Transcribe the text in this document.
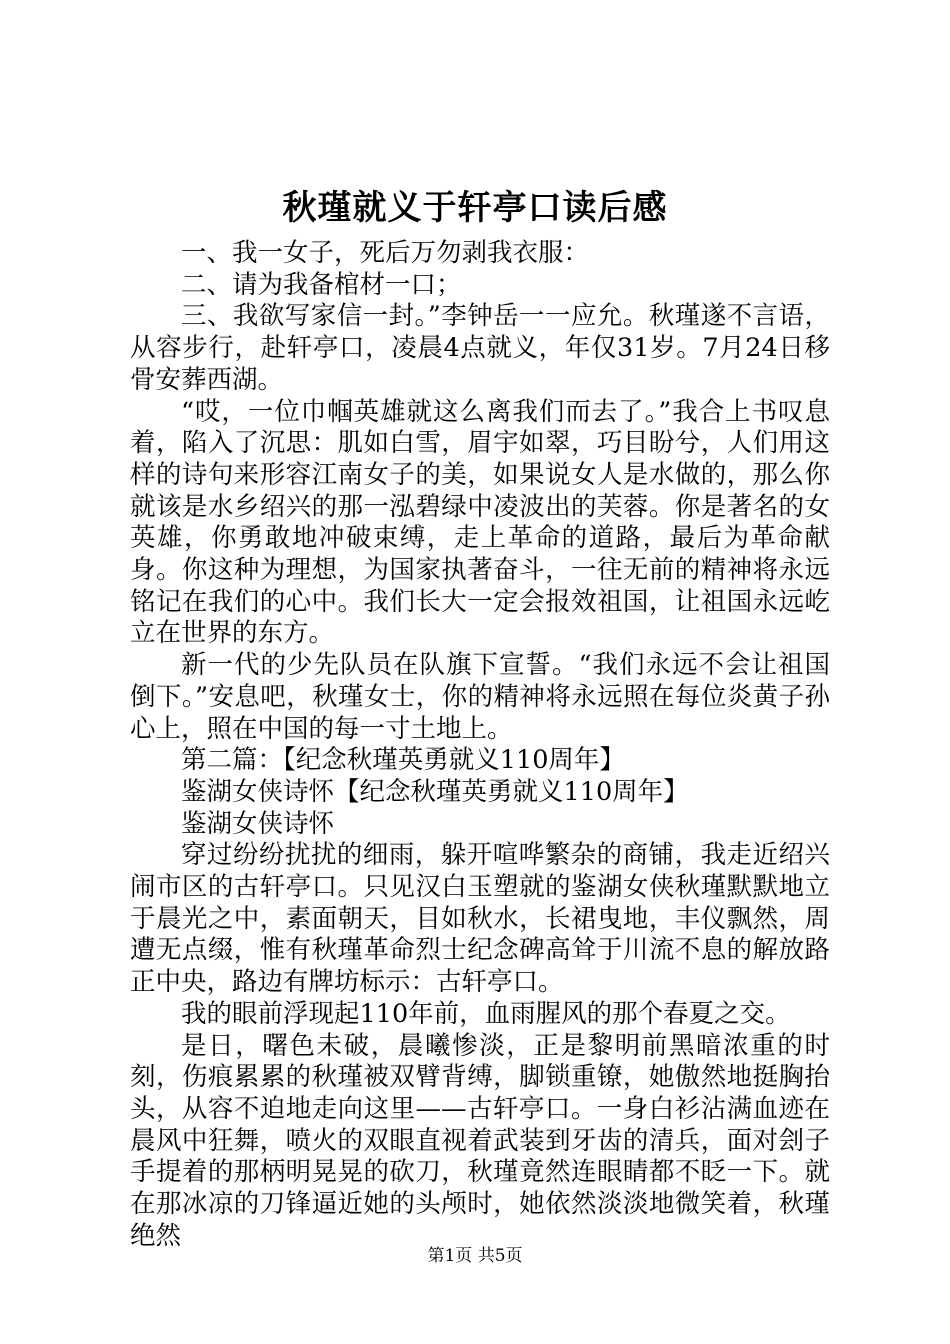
秋瑾就义于轩亭口读后感

一、我一女子，死后万勿剥我衣服：

二、请为我备棺材一口；

三、我欲写家信一封。”李钟岳一一应允。秋瑾遂不言语，从容步行，赴轩亭口，凌晨4点就义，年仅31岁。7月24日移骨安葬西湖。

“哎，一位巾帼英雄就这么离我们而去了。”我合上书叹息着，陷入了沉思：肌如白雪，眉宇如翠，巧目盼兮，人们用这样的诗句来形容江南女子的美，如果说女人是水做的，那么你就该是水乡绍兴的那一泓碧绿中凌波出的芙蓉。你是著名的女英雄，你勇敢地冲破束缚，走上革命的道路，最后为革命献身。你这种为理想，为国家执著奋斗，一往无前的精神将永远铭记在我们的心中。我们长大一定会报效祖国，让祖国永远屹立在世界的东方。

新一代的少先队员在队旗下宣誓。“我们永远不会让祖国倒下。”安息吧，秋瑾女士，你的精神将永远照在每位炎黄子孙心上，照在中国的每一寸土地上。

第二篇：【纪念秋瑾英勇就义110周年】

鉴湖女侠诗怀【纪念秋瑾英勇就义110周年】

鉴湖女侠诗怀

穿过纷纷扰扰的细雨，躲开喧哗繁杂的商铺，我走近绍兴闹市区的古轩亭口。只见汉白玉塑就的鉴湖女侠秋瑾默默地立于晨光之中，素面朝天，目如秋水，长裙曳地，丰仪飘然，周遭无点缀，惟有秋瑾革命烈士纪念碑高耸于川流不息的解放路正中央，路边有牌坊标示：古轩亭口。

我的眼前浮现起110年前，血雨腥风的那个春夏之交。

是日，曙色未破，晨曦惨淡，正是黎明前黑暗浓重的时刻，伤痕累累的秋瑾被双臂背缚，脚锁重镣，她傲然地挺胸抬头，从容不迫地走向这里——古轩亭口。一身白衫沾满血迹在晨风中狂舞，喷火的双眼直视着武装到牙齿的清兵，面对刽子手提着的那柄明晃晃的砍刀，秋瑾竟然连眼睛都不眨一下。就在那冰凉的刀锋逼近她的头颅时，她依然淡淡地微笑着，秋瑾绝然

第1页 共5页
